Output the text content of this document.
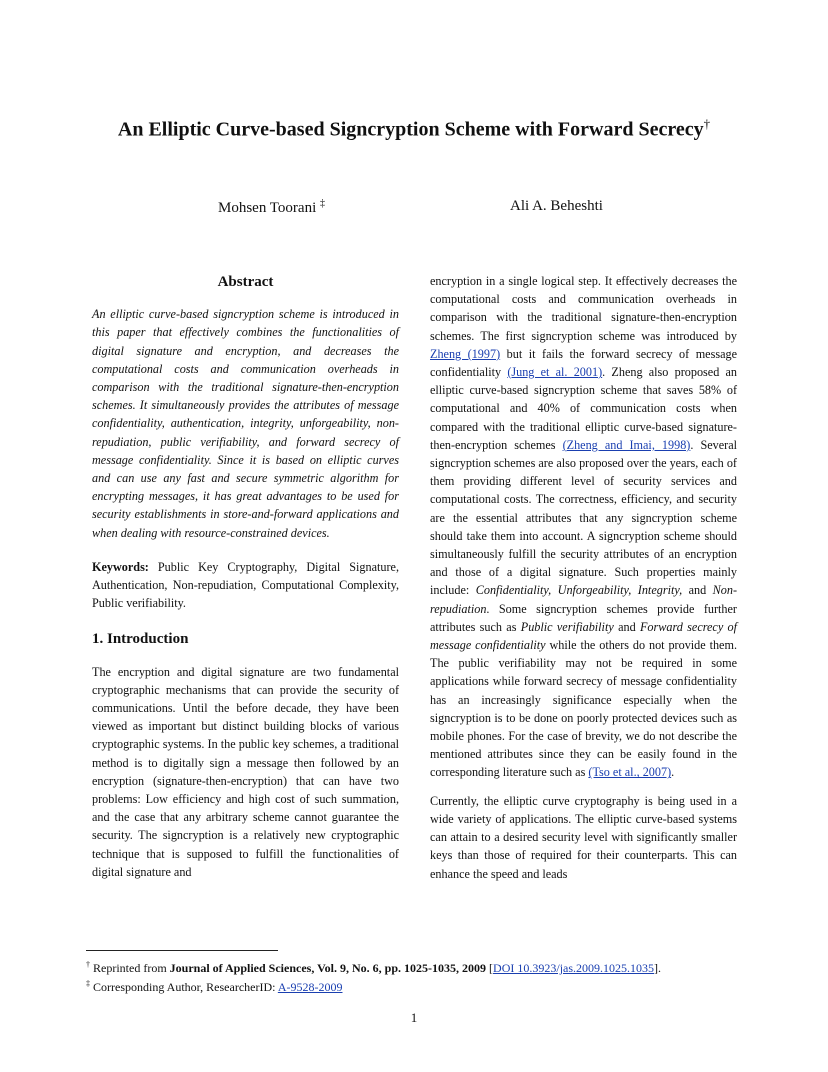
An Elliptic Curve-based Signcryption Scheme with Forward Secrecy†
Mohsen Toorani ‡	Ali A. Beheshti

Abstract

An elliptic curve-based signcryption scheme is introduced in this paper that effectively combines the functionalities of digital signature and encryption, and decreases the computational costs and communication overheads in comparison with the traditional signature-then-encryption schemes. It simultaneously provides the attributes of message confidentiality, authentication, integrity, unforgeability, non-repudiation, public verifiability, and forward secrecy of message confidentiality. Since it is based on elliptic curves and can use any fast and secure symmetric algorithm for encrypting messages, it has great advantages to be used for security establishments in store-and-forward applications and when dealing with resource-constrained devices.

Keywords: Public Key Cryptography, Digital Signature, Authentication, Non-repudiation, Computational Complexity, Public verifiability.

1. Introduction

The encryption and digital signature are two fundamental cryptographic mechanisms that can provide the security of communications. Until the before decade, they have been viewed as important but distinct building blocks of various cryptographic systems. In the public key schemes, a traditional method is to digitally sign a message then followed by an encryption (signature-then-encryption) that can have two problems: Low efficiency and high cost of such summation, and the case that any arbitrary scheme cannot guarantee the security. The signcryption is a relatively new cryptographic technique that is supposed to fulfill the functionalities of digital signature and

encryption in a single logical step. It effectively decreases the computational costs and communication overheads in comparison with the traditional signature-then-encryption schemes. The first signcryption scheme was introduced by Zheng (1997) but it fails the forward secrecy of message confidentiality (Jung et al. 2001). Zheng also proposed an elliptic curve-based signcryption scheme that saves 58% of computational and 40% of communication costs when compared with the traditional elliptic curve-based signature-then-encryption schemes (Zheng and Imai, 1998). Several signcryption schemes are also proposed over the years, each of them providing different level of security services and computational costs. The correctness, efficiency, and security are the essential attributes that any signcryption scheme should take them into account. A signcryption scheme should simultaneously fulfill the security attributes of an encryption and those of a digital signature. Such properties mainly include: Confidentiality, Unforgeability, Integrity, and Non-repudiation. Some signcryption schemes provide further attributes such as Public verifiability and Forward secrecy of message confidentiality while the others do not provide them. The public verifiability may not be required in some applications while forward secrecy of message confidentiality has an increasingly significance especially when the signcryption is to be done on poorly protected devices such as mobile phones. For the case of brevity, we do not describe the mentioned attributes since they can be easily found in the corresponding literature such as (Tso et al., 2007).

Currently, the elliptic curve cryptography is being used in a wide variety of applications. The elliptic curve-based systems can attain to a desired security level with significantly smaller keys than those of required for their counterparts. This can enhance the speed and leads

† Reprinted from Journal of Applied Sciences, Vol. 9, No. 6, pp. 1025-1035, 2009 [DOI 10.3923/jas.2009.1025.1035].

‡ Corresponding Author, ResearcherID: A-9528-2009

1
